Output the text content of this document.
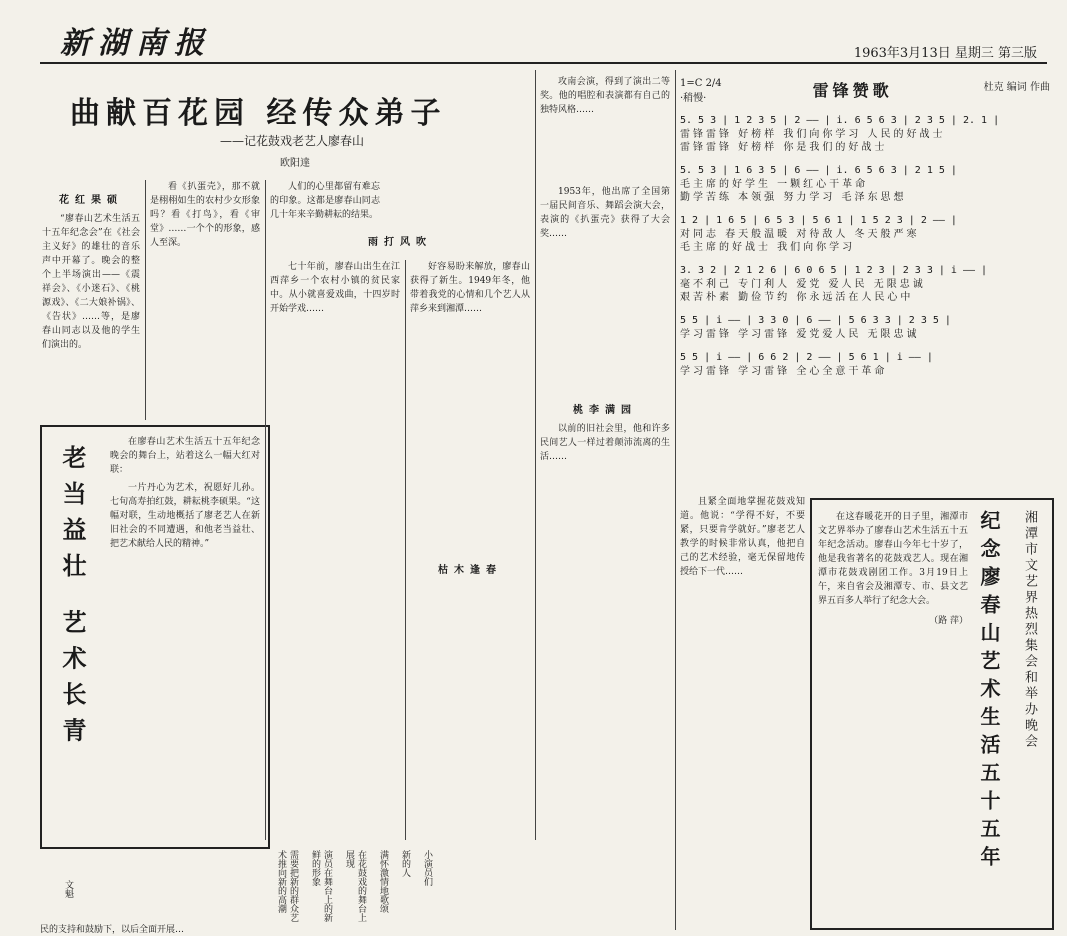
新湖南报	1963年3月13日 星期三 第三版
曲献百花园 经传众弟子
——记花鼓戏老艺人廖春山
欧阳達
花红果硕

“廖春山艺术生活五十五年纪念会”在《社会主义好》的雄壮的音乐声中开幕了。晚会的整个上半场演出——《震祥会》、《小迷石》、《桃源戏》、《二大娘补锅》、《告状》……等，是廖春山同志以及他的学生们演出的。

看《扒蛋壳》，那不就是栩栩如生的农村少女形象吗？看《打鸟》，看《审堂》……一个个的形象，感人至深。

人们的心里都留有难忘的印象。这都是廖春山同志几十年来辛勤耕耘的结果。

雨打风吹

七十年前，廖春山出生在江西萍乡一个农村小镇的贫民家中。从小就喜爱戏曲，十四岁时开始学戏……

好容易盼来解放，廖春山获得了新生。1949年冬，他带着我党的心情和几个艺人从萍乡来到湘潭……

攻南会演，得到了演出二等奖。他的唱腔和表演都有自己的独特风格……

1953年，他出席了全国第一届民间音乐、舞蹈会演大会，表演的《扒蛋壳》获得了大会奖……

桃李满园

以前的旧社会里，他和许多民间艺人一样过着颠沛流离的生活……

枯木逢春
老当益壮 艺术长青
文魁

在廖春山艺术生活五十五年纪念晚会的舞台上，站着这么一幅大红对联：

一片丹心为艺术，祝愿好儿孙。七旬高寿拍红鼓，耕耘桃李硕果。“这幅对联，生动地概括了廖老艺人在新旧社会的不同遭遇，和他老当益壮、把艺术献给人民的精神。”

1=C 2/4
·稍慢·	雷锋赞歌	杜克 编词 作曲
5. 5 3 | 1 2 3 5 | 2 —— | i. 6 5 6 3 | 2 3 5 | 2. 1 |
雷锋雷锋 好榜样 我们向你学习 人民的好战士
雷锋雷锋 好榜样 你是我们的好战士
5. 5 3 | 1 6 3 5 | 6 —— | i. 6 5 6 3 | 2 1 5 |
毛主席的好学生 一颗红心干革命
勤学苦练 本领强 努力学习 毛泽东思想
1 2 | 1 6 5 | 6 5 3 | 5 6 1 | 1 5 2 3 | 2 —— |
对同志 春天般温暖 对待敌人 冬天般严寒
毛主席的好战士 我们向你学习
3. 3 2 | 2 1 2 6 | 6 0 6 5 | 1 2 3 | 2 3 3 | i —— |
毫不利己 专门利人 爱党 爱人民 无限忠诚
艰苦朴素 勤俭节约 你永远活在人民心中
5 5 | i —— | 3 3 0 | 6 —— | 5 6 3 3 | 2 3 5 |
学习雷锋 学习雷锋 爱党爱人民 无限忠诚
5 5 | i —— | 6 6 2 | 2 —— | 5 6 1 | i —— |
学习雷锋 学习雷锋 全心全意干革命

在这春暖花开的日子里，湘潭市文艺界举办了廖春山艺术生活五十五年纪念活动。廖春山今年七十岁了，他是我省著名的花鼓戏艺人。现在湘潭市花鼓戏剧团工作。3月19日上午，来自省会及湘潭专、市、县文艺界五百多人举行了纪念大会。

（路 萍）	湘潭市文艺界热烈集会和举办晚会
纪念廖春山艺术生活五十五年

且紧全面地掌握花鼓戏知道。他说：“学得不好，不要紧，只要肯学就好。”廖老艺人教学的时候非常认真，他把自己的艺术经验，毫无保留地传授给下一代……

民的支持和鼓励下，以后全面开展…
需要把新的群众艺术推向新的高潮	演员在舞台上的新鲜的形象	在花鼓戏的舞台上展现	满怀激情地歌颂 新的人 小演员们
